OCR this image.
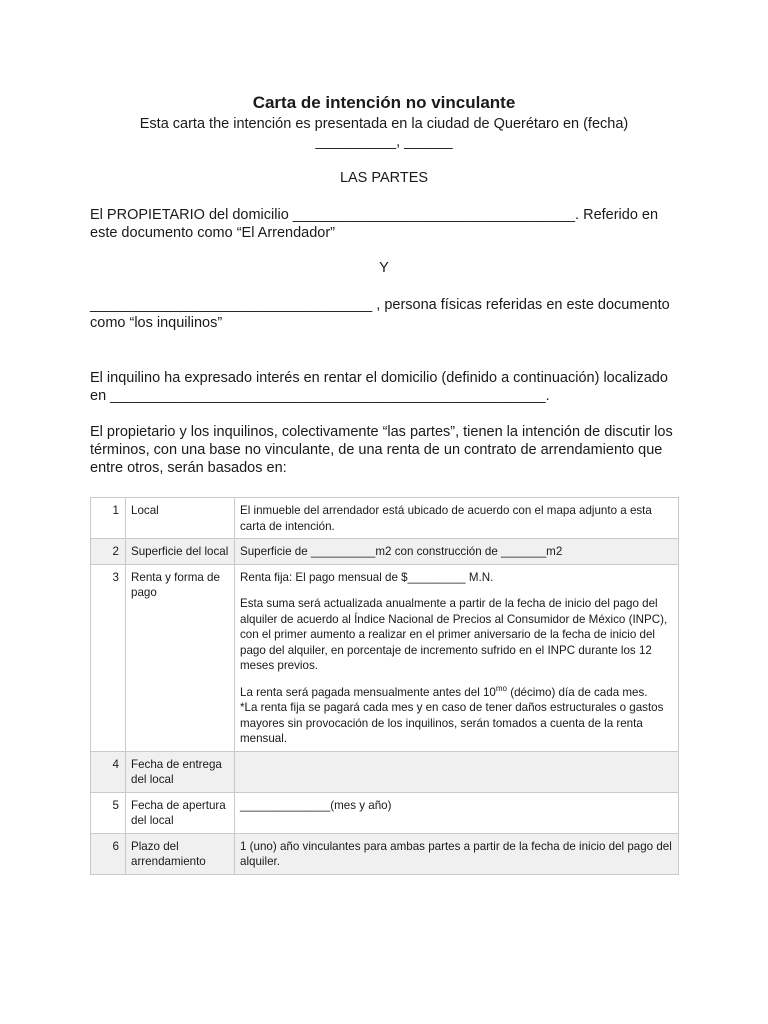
Carta de intención no vinculante
Esta carta the intención es presentada en la ciudad de Querétaro en (fecha)
__________, ______
LAS PARTES
El PROPIETARIO del domicilio ___________________________________. Referido en este documento como “El Arrendador”
Y
___________________________________ , persona físicas referidas en este documento como “los inquilinos”
El inquilino ha expresado interés en rentar el domicilio (definido a continuación) localizado en ______________________________________________________.
El propietario y los inquilinos, colectivamente “las partes”, tienen la intención de discutir los términos, con una base no vinculante, de una renta de un contrato de arrendamiento que entre otros, serán basados en:
1	Local	El inmueble del arrendador está ubicado de acuerdo con el mapa adjunto a esta carta de intención.

2	Superficie del local	Superficie de __________m2 con construcción de _______m2

3	Renta y forma de pago	Renta fija: El pago mensual de $_________ M.N.

Esta suma será actualizada anualmente a partir de la fecha de inicio del pago del alquiler de acuerdo al Índice Nacional de Precios al Consumidor de México (INPC), con el primer aumento a realizar en el primer aniversario de la fecha de inicio del pago del alquiler, en porcentaje de incremento sufrido en el INPC durante los 12 meses previos.

La renta será pagada mensualmente antes del $10^{mo}$ (décimo) día de cada mes.
*La renta fija se pagará cada mes y en caso de tener daños estructurales o gastos mayores sin provocación de los inquilinos, serán tomados a cuenta de la renta mensual.

4	Fecha de entrega del local	

5	Fecha de apertura del local	______________(mes y año)

6	Plazo del arrendamiento	1 (uno) año vinculantes para ambas partes a partir de la fecha de inicio del pago del alquiler.
